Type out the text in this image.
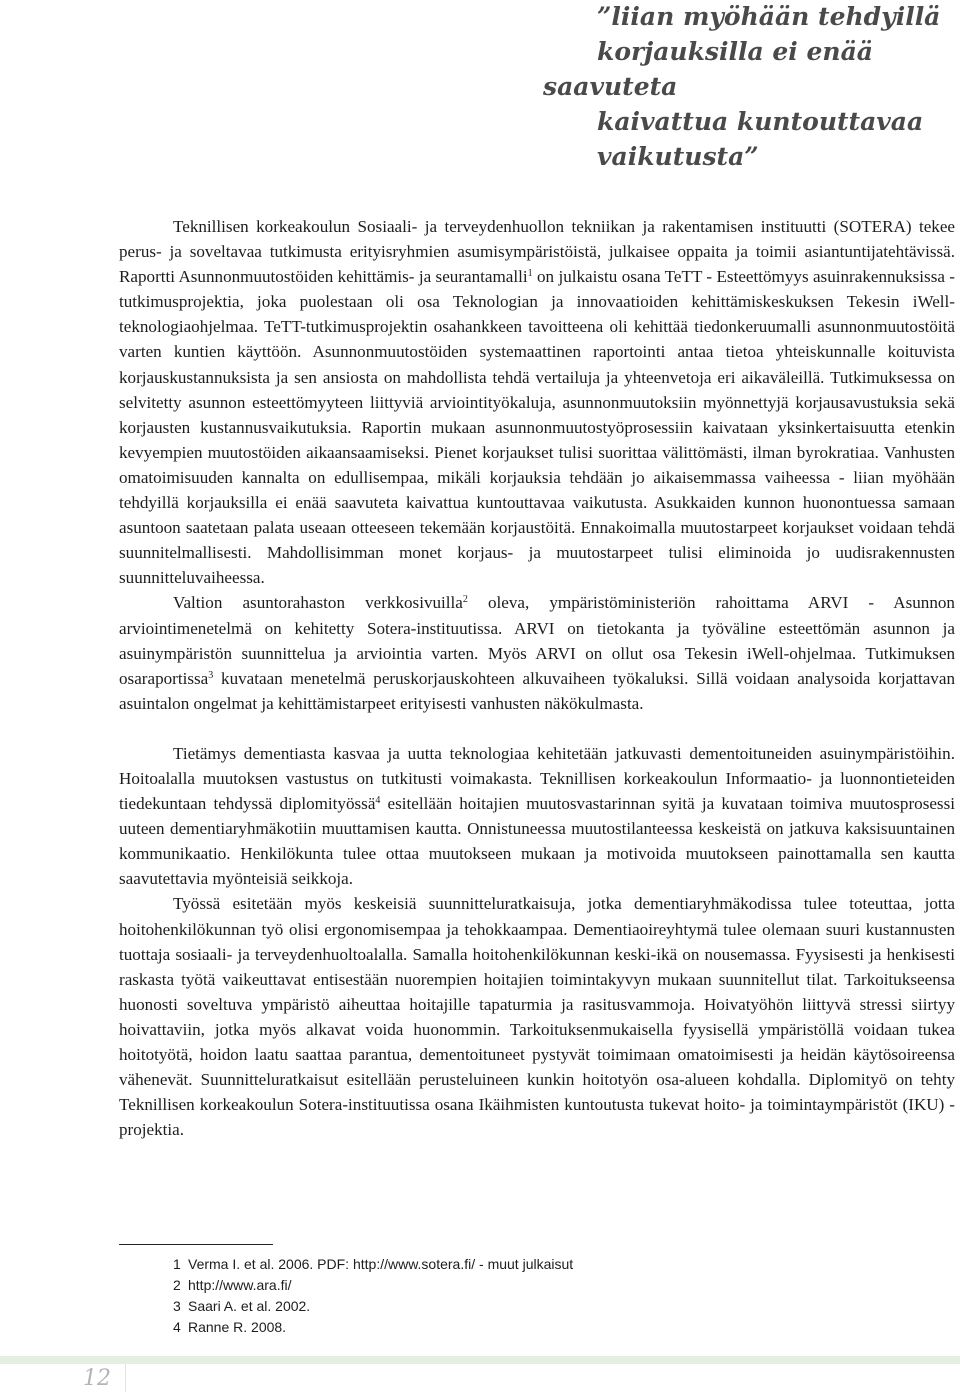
”liian myöhään tehdyillä
korjauksilla ei enää saavuteta
kaivattua kuntouttavaa
vaikutusta”
Teknillisen korkeakoulun Sosiaali- ja terveydenhuollon tekniikan ja rakentamisen instituutti (SOTERA) tekee perus- ja soveltavaa tutkimusta erityisryhmien asumisympäristöistä, julkaisee oppaita ja toimii asiantuntijatehtävissä. Raportti Asunnonmuutostöiden kehittämis- ja seurantamalli$^1$ on julkaistu osana TeTT - Esteettömyys asuinrakennuksissa -tutkimusprojektia, joka puolestaan oli osa Teknologian ja innovaatioiden kehittämiskeskuksen Tekesin iWell-teknologiaohjelmaa. TeTT-tutkimusprojektin osahankkeen tavoitteena oli kehittää tiedonkeruumalli asunnonmuutostöitä varten kuntien käyttöön. Asunnonmuutostöiden systemaattinen raportointi antaa tietoa yhteiskunnalle koituvista korjauskustannuksista ja sen ansiosta on mahdollista tehdä vertailuja ja yhteenvetoja eri aikaväleillä. Tutkimuksessa on selvitetty asunnon esteettömyyteen liittyviä arviointityökaluja, asunnonmuutoksiin myönnettyjä korjausavustuksia sekä korjausten kustannusvaikutuksia. Raportin mukaan asunnonmuutostyöprosessiin kaivataan yksinkertaisuutta etenkin kevyempien muutostöiden aikaansaamiseksi. Pienet korjaukset tulisi suorittaa välittömästi, ilman byrokratiaa. Vanhusten omatoimisuuden kannalta on edullisempaa, mikäli korjauksia tehdään jo aikaisemmassa vaiheessa - liian myöhään tehdyillä korjauksilla ei enää saavuteta kaivattua kuntouttavaa vaikutusta. Asukkaiden kunnon huonontuessa samaan asuntoon saatetaan palata useaan otteeseen tekemään korjaustöitä. Ennakoimalla muutostarpeet korjaukset voidaan tehdä suunnitelmallisesti. Mahdollisimman monet korjaus- ja muutostarpeet tulisi eliminoida jo uudisrakennusten suunnitteluvaiheessa.

Valtion asuntorahaston verkkosivuilla$^2$ oleva, ympäristöministeriön rahoittama ARVI - Asunnon arviointimenetelmä on kehitetty Sotera-instituutissa. ARVI on tietokanta ja työväline esteettömän asunnon ja asuinympäristön suunnittelua ja arviointia varten. Myös ARVI on ollut osa Tekesin iWell-ohjelmaa. Tutkimuksen osaraportissa$^3$ kuvataan menetelmä peruskorjauskohteen alkuvaiheen työkaluksi. Sillä voidaan analysoida korjattavan asuintalon ongelmat ja kehittämistarpeet erityisesti vanhusten näkökulmasta.

Tietämys dementiasta kasvaa ja uutta teknologiaa kehitetään jatkuvasti dementoituneiden asuinympäristöihin. Hoitoalalla muutoksen vastustus on tutkitusti voimakasta. Teknillisen korkeakoulun Informaatio- ja luonnontieteiden tiedekuntaan tehdyssä diplomityössä$^4$ esitellään hoitajien muutosvastarinnan syitä ja kuvataan toimiva muutosprosessi uuteen dementiaryhmäkotiin muuttamisen kautta. Onnistuneessa muutostilanteessa keskeistä on jatkuva kaksisuuntainen kommunikaatio. Henkilökunta tulee ottaa muutokseen mukaan ja motivoida muutokseen painottamalla sen kautta saavutettavia myönteisiä seikkoja.

Työssä esitetään myös keskeisiä suunnitteluratkaisuja, jotka dementiaryhmäkodissa tulee toteuttaa, jotta hoitohenkilökunnan työ olisi ergonomisempaa ja tehokkaampaa. Dementiaoireyhtymä tulee olemaan suuri kustannusten tuottaja sosiaali- ja terveydenhuoltoalalla. Samalla hoitohenkilökunnan keski-ikä on nousemassa. Fyysisesti ja henkisesti raskasta työtä vaikeuttavat entisestään nuorempien hoitajien toimintakyvyn mukaan suunnitellut tilat. Tarkoitukseensa huonosti soveltuva ympäristö aiheuttaa hoitajille tapaturmia ja rasitusvammoja. Hoivatyöhön liittyvä stressi siirtyy hoivattaviin, jotka myös alkavat voida huonommin. Tarkoituksenmukaisella fyysisellä ympäristöllä voidaan tukea hoitotyötä, hoidon laatu saattaa parantua, dementoituneet pystyvät toimimaan omatoimisesti ja heidän käytösoireensa vähenevät. Suunnitteluratkaisut esitellään perusteluineen kunkin hoitotyön osa-alueen kohdalla. Diplomityö on tehty Teknillisen korkeakoulun Sotera-instituutissa osana Ikäihmisten kuntoutusta tukevat hoito- ja toimintaympäristöt (IKU) -projektia.

1 Verma I. et al. 2006. PDF: http://www.sotera.fi/ - muut julkaisut
2 http://www.ara.fi/
3 Saari A. et al. 2002.
4 Ranne R. 2008.
12
